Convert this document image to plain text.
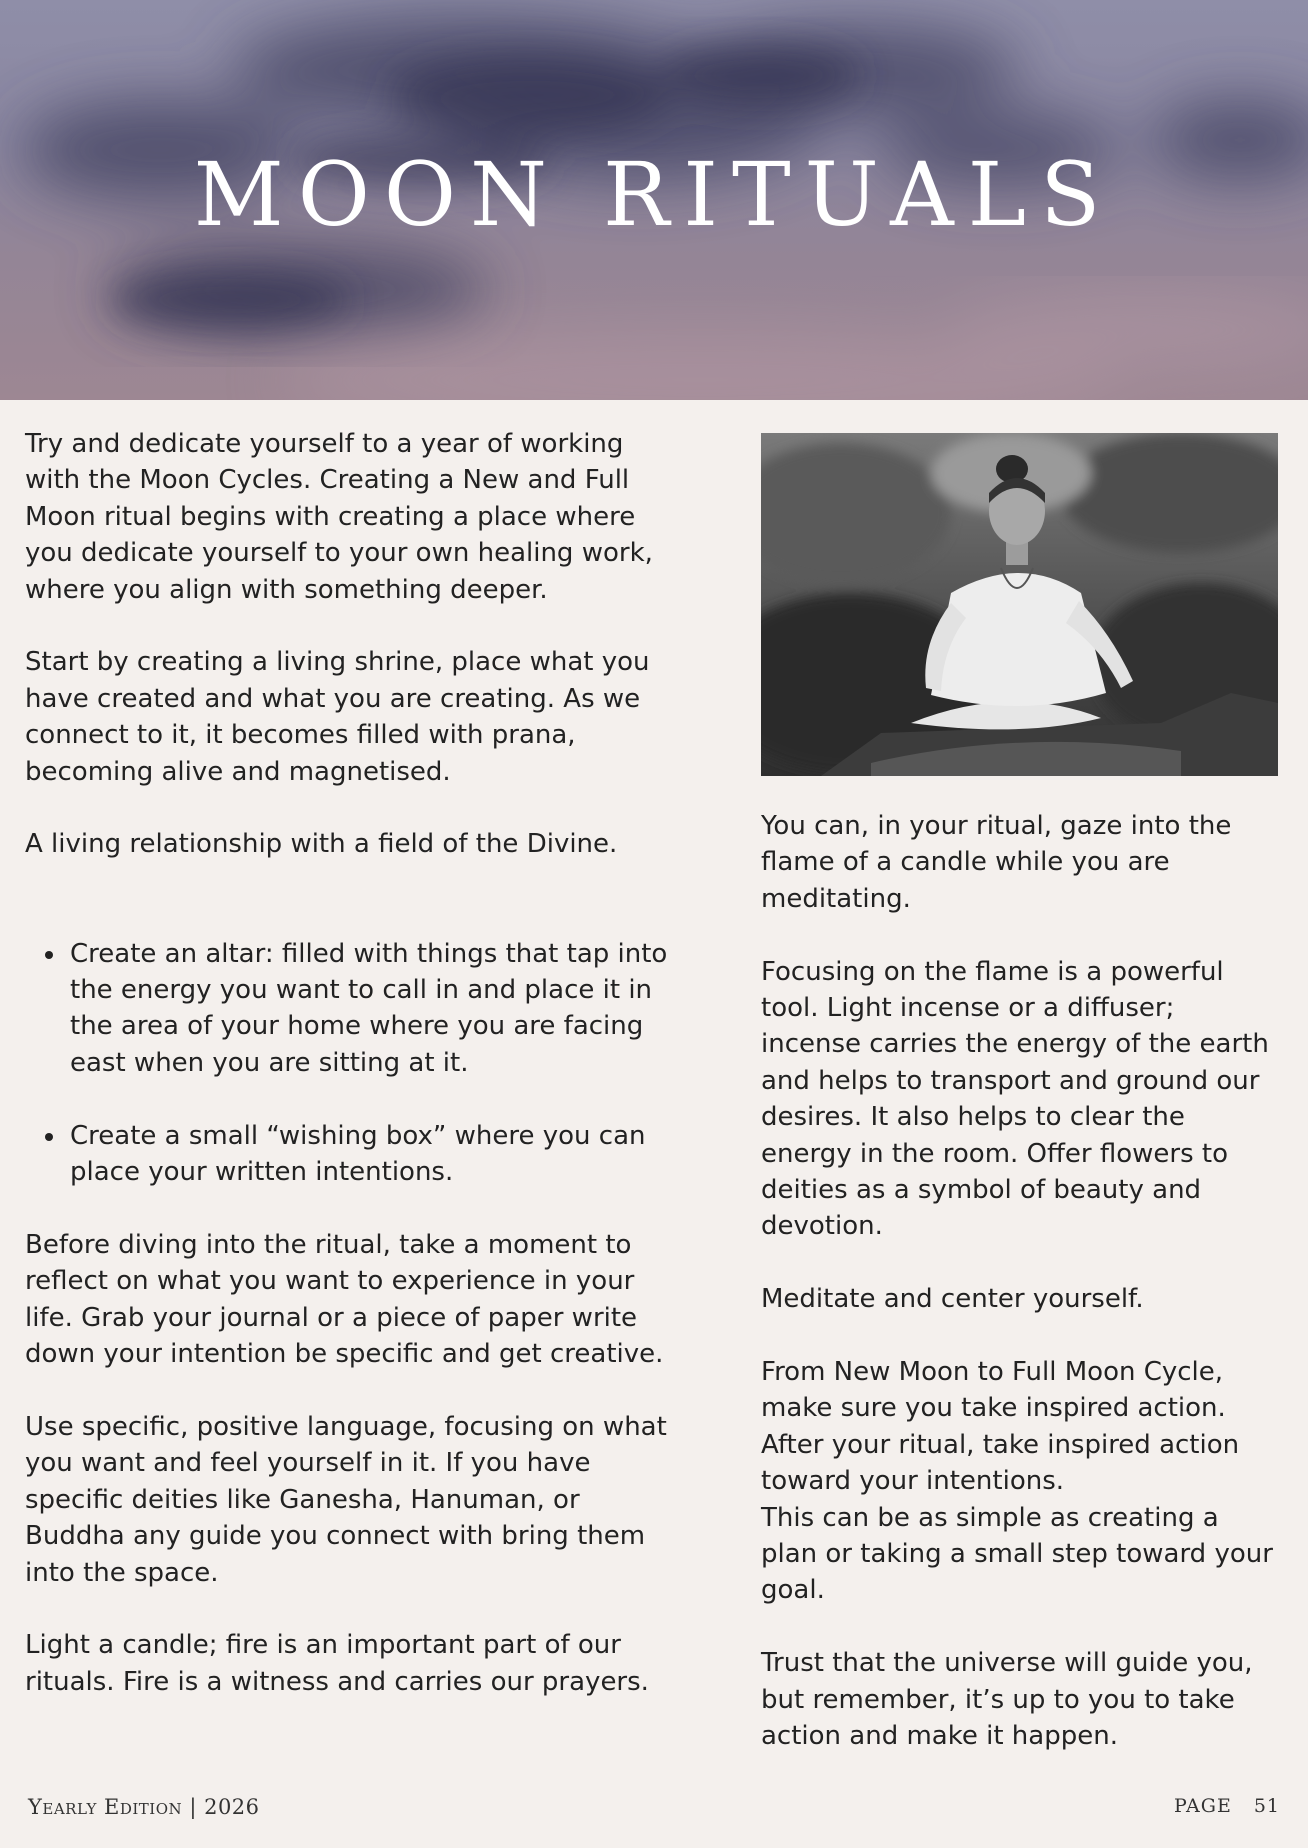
MOON RITUALS

Try and dedicate yourself to a year of working with the Moon Cycles. Creating a New and Full Moon ritual begins with creating a place where you dedicate yourself to your own healing work, where you align with something deeper.

Start by creating a living shrine, place what you have created and what you are creating. As we connect to it, it becomes filled with prana, becoming alive and magnetised.

A living relationship with a field of the Divine.

Create an altar: filled with things that tap into the energy you want to call in and place it in the area of your home where you are facing east when you are sitting at it.
Create a small “wishing box” where you can place your written intentions.

Before diving into the ritual, take a moment to reflect on what you want to experience in your life. Grab your journal or a piece of paper write down your intention be specific and get creative.

Use specific, positive language, focusing on what you want and feel yourself in it. If you have specific deities like Ganesha, Hanuman, or Buddha any guide you connect with bring them into the space.

Light a candle; fire is an important part of our rituals. Fire is a witness and carries our prayers.

You can, in your ritual, gaze into the flame of a candle while you are meditating.

Focusing on the flame is a powerful tool. Light incense or a diffuser; incense carries the energy of the earth and helps to transport and ground our desires. It also helps to clear the energy in the room. Offer flowers to deities as a symbol of beauty and devotion.

Meditate and center yourself.

From New Moon to Full Moon Cycle, make sure you take inspired action. After your ritual, take inspired action toward your intentions.

This can be as simple as creating a plan or taking a small step toward your goal.

Trust that the universe will guide you, but remember, it’s up to you to take action and make it happen.

Yearly Edition | 2026	PAGE 51
